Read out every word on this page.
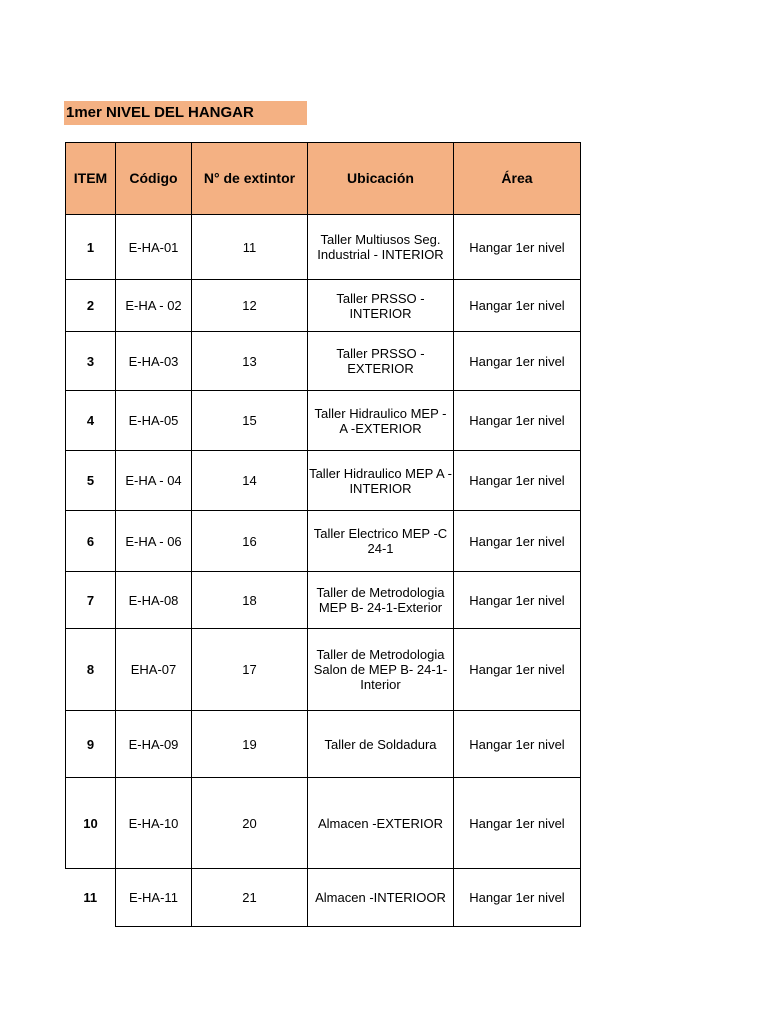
1mer NIVEL DEL HANGAR
ITEM	Código	N° de extintor	Ubicación	Área
1	E-HA-01	11	Taller Multiusos Seg. Industrial - INTERIOR	Hangar 1er nivel
2	E-HA - 02	12	Taller PRSSO - INTERIOR	Hangar 1er nivel
3	E-HA-03	13	Taller PRSSO - EXTERIOR	Hangar 1er nivel
4	E-HA-05	15	Taller Hidraulico MEP - A -EXTERIOR	Hangar 1er nivel
5	E-HA - 04	14	Taller Hidraulico MEP A - INTERIOR	Hangar 1er nivel
6	E-HA - 06	16	Taller Electrico MEP -C 24-1	Hangar 1er nivel
7	E-HA-08	18	Taller de Metrodologia MEP B- 24-1-Exterior	Hangar 1er nivel
8	EHA-07	17	Taller de Metrodologia Salon de MEP B- 24-1-Interior	Hangar 1er nivel
9	E-HA-09	19	Taller de Soldadura	Hangar 1er nivel
10	E-HA-10	20	Almacen -EXTERIOR	Hangar 1er nivel
11	E-HA-11	21	Almacen -INTERIOOR	Hangar 1er nivel
